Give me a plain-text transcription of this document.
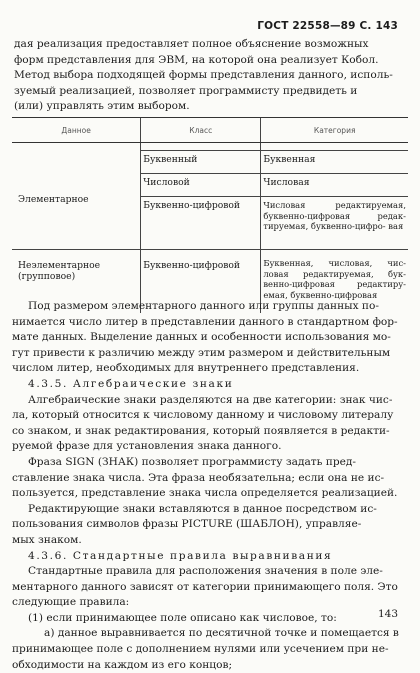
ГОСТ 22558—89 С. 143
дая реализация предоставляет полное объяснение возможных
форм представления для ЭВМ, на которой она реализует Кобол.
Метод выбора подходящей формы представления данного, исполь-
зуемый реализацией, позволяет программисту предвидеть и
(или) управлять этим выбором.
Данное	Класс	Категория

Элементарное	Буквенный	Буквенная
	Числовой	Числовая
	Буквенно-цифровой	Числовая редактируемая, буквенно-цифровая редак- тируемая, буквенно-цифро- вая
Неэлементарное (групповое)	Буквенно-цифровой	Буквенная, числовая, чис- ловая редактируемая, бук- венно-цифровая редактиру- емая, буквенно-цифровая
Под размером элементарного данного или группы данных по-
нимается число литер в представлении данного в стандартном фор-
мате данных. Выделение данных и особенности использования мо-
гут привести к различию между этим размером и действительным
числом литер, необходимых для внутреннего представления.
4.3.5. Алгебраические знаки
Алгебраические знаки разделяются на две категории: знак чис-
ла, который относится к числовому данному и числовому литералу
со знаком, и знак редактирования, который появляется в редакти-
руемой фразе для установления знака данного.
Фраза SIGN (ЗНАК) позволяет программисту задать пред-
ставление знака числа. Эта фраза необязательна; если она не ис-
пользуется, представление знака числа определяется реализацией.
Редактирующие знаки вставляются в данное посредством ис-
пользования символов фразы PICTURE (ШАБЛОН), управляе-
мых знаком.
4.3.6. Стандартные правила выравнивания
Стандартные правила для расположения значения в поле эле-
ментарного данного зависят от категории принимающего поля. Это
следующие правила:
(1) если принимающее поле описано как числовое, то:
a) данное выравнивается по десятичной точке и помещается в
принимающее поле с дополнением нулями или усечением при не-
обходимости на каждом из его концов;
143
